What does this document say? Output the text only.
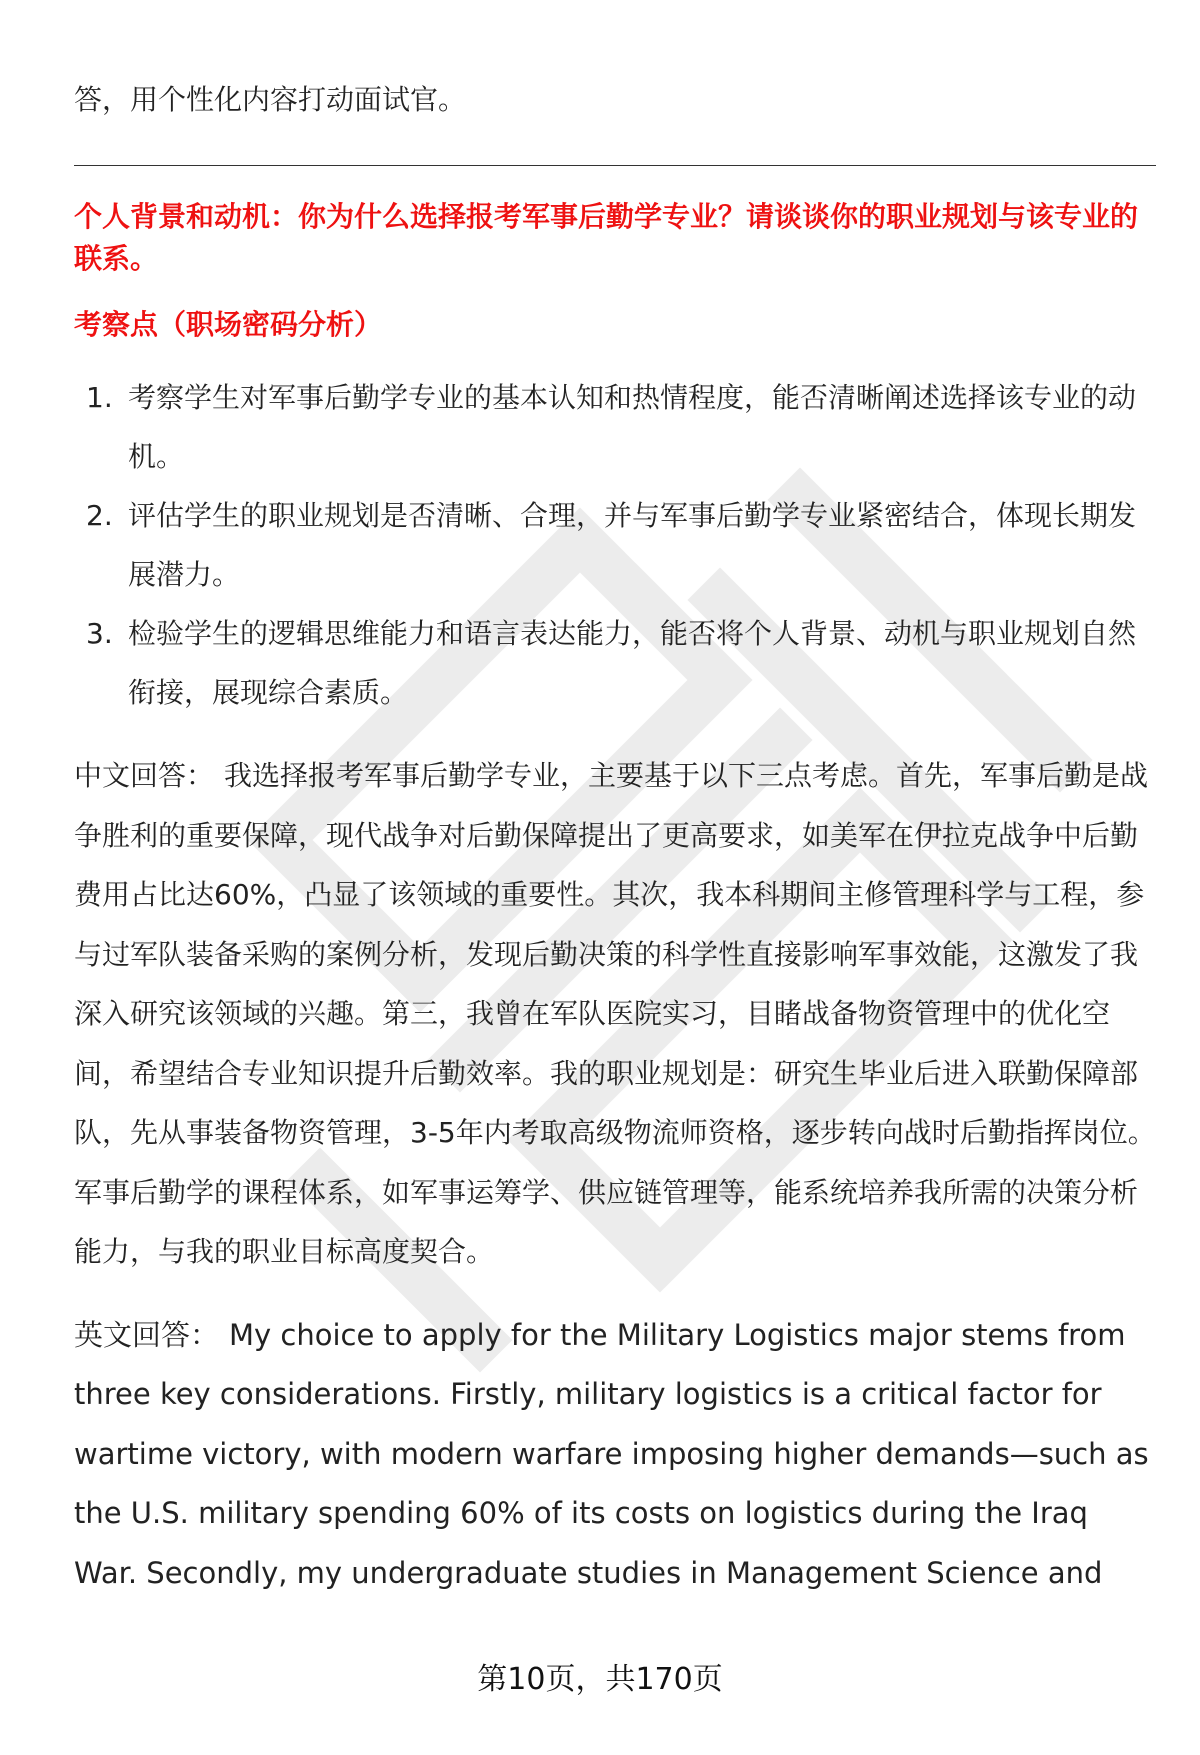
答，用个性化内容打动面试官。

个人背景和动机：你为什么选择报考军事后勤学专业？请谈谈你的职业规划与该专业的联系。

考察点（职场密码分析）

1. 考察学生对军事后勤学专业的基本认知和热情程度，能否清晰阐述选择该专业的动机。
2. 评估学生的职业规划是否清晰、合理，并与军事后勤学专业紧密结合，体现长期发展潜力。
3. 检验学生的逻辑思维能力和语言表达能力，能否将个人背景、动机与职业规划自然衔接，展现综合素质。

中文回答： 我选择报考军事后勤学专业，主要基于以下三点考虑。首先，军事后勤是战争胜利的重要保障，现代战争对后勤保障提出了更高要求，如美军在伊拉克战争中后勤费用占比达60%，凸显了该领域的重要性。其次，我本科期间主修管理科学与工程，参与过军队装备采购的案例分析，发现后勤决策的科学性直接影响军事效能，这激发了我深入研究该领域的兴趣。第三，我曾在军队医院实习，目睹战备物资管理中的优化空间，希望结合专业知识提升后勤效率。我的职业规划是：研究生毕业后进入联勤保障部队，先从事装备物资管理，3-5年内考取高级物流师资格，逐步转向战时后勤指挥岗位。军事后勤学的课程体系，如军事运筹学、供应链管理等，能系统培养我所需的决策分析能力，与我的职业目标高度契合。

英文回答： My choice to apply for the Military Logistics major stems from three key considerations. Firstly, military logistics is a critical factor for wartime victory, with modern warfare imposing higher demands—such as the U.S. military spending 60% of its costs on logistics during the Iraq War. Secondly, my undergraduate studies in Management Science and

第10页，共170页
